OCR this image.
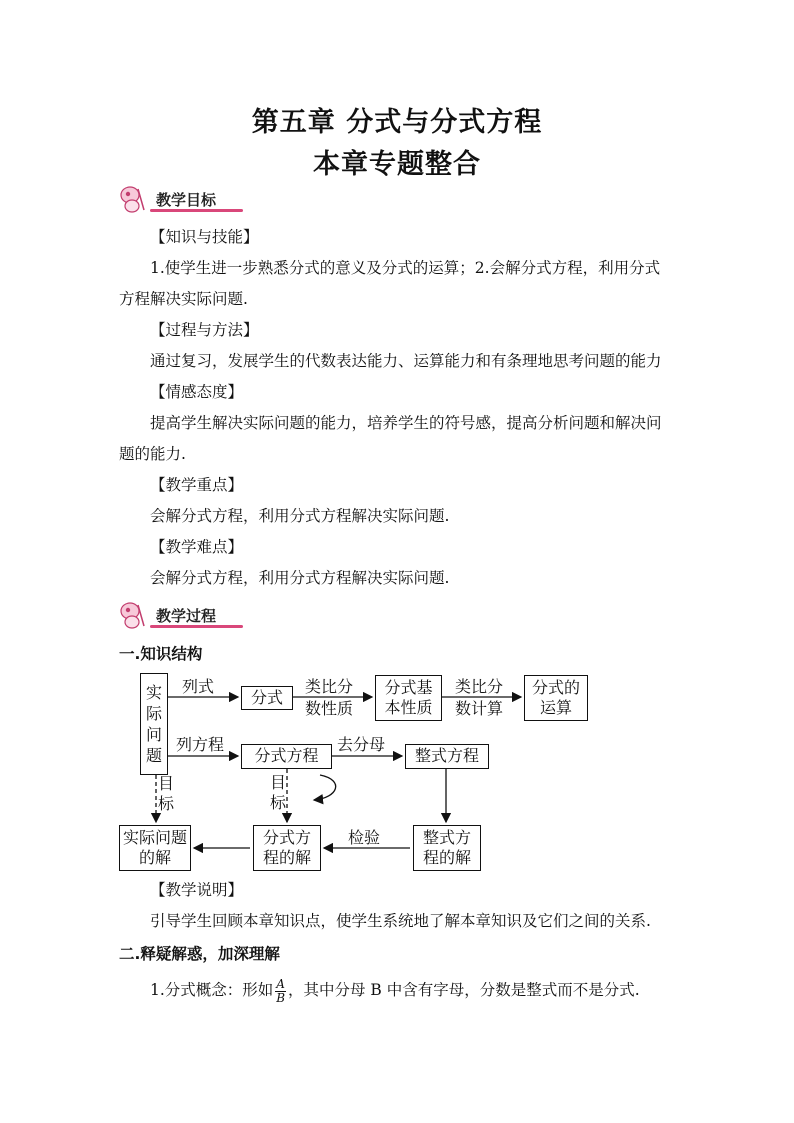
第五章 分式与分式方程
本章专题整合
教学目标
【知识与技能】
1.使学生进一步熟悉分式的意义及分式的运算；2.会解分式方程，利用分式
方程解决实际问题.
【过程与方法】
通过复习，发展学生的代数表达能力、运算能力和有条理地思考问题的能力
【情感态度】
提高学生解决实际问题的能力，培养学生的符号感，提高分析问题和解决问
题的能力.
【教学重点】
会解分式方程，利用分式方程解决实际问题.
【教学难点】
会解分式方程，利用分式方程解决实际问题.
教学过程
一.知识结构
实际问题
分式
分式基本性质
分式的运算
分式方程	整式方程
实际问题的解
分式方程的解
整式方程的解
列式	类比分
数性质
类比分
数计算
列方程	去分母
目
标
目
标
检验
【教学说明】
引导学生回顾本章知识点，使学生系统地了解本章知识及它们之间的关系.
二.释疑解惑，加深理解
1.分式概念：形如 $\frac{A}{B}$ ，其中分母 B 中含有字母，分数是整式而不是分式.
